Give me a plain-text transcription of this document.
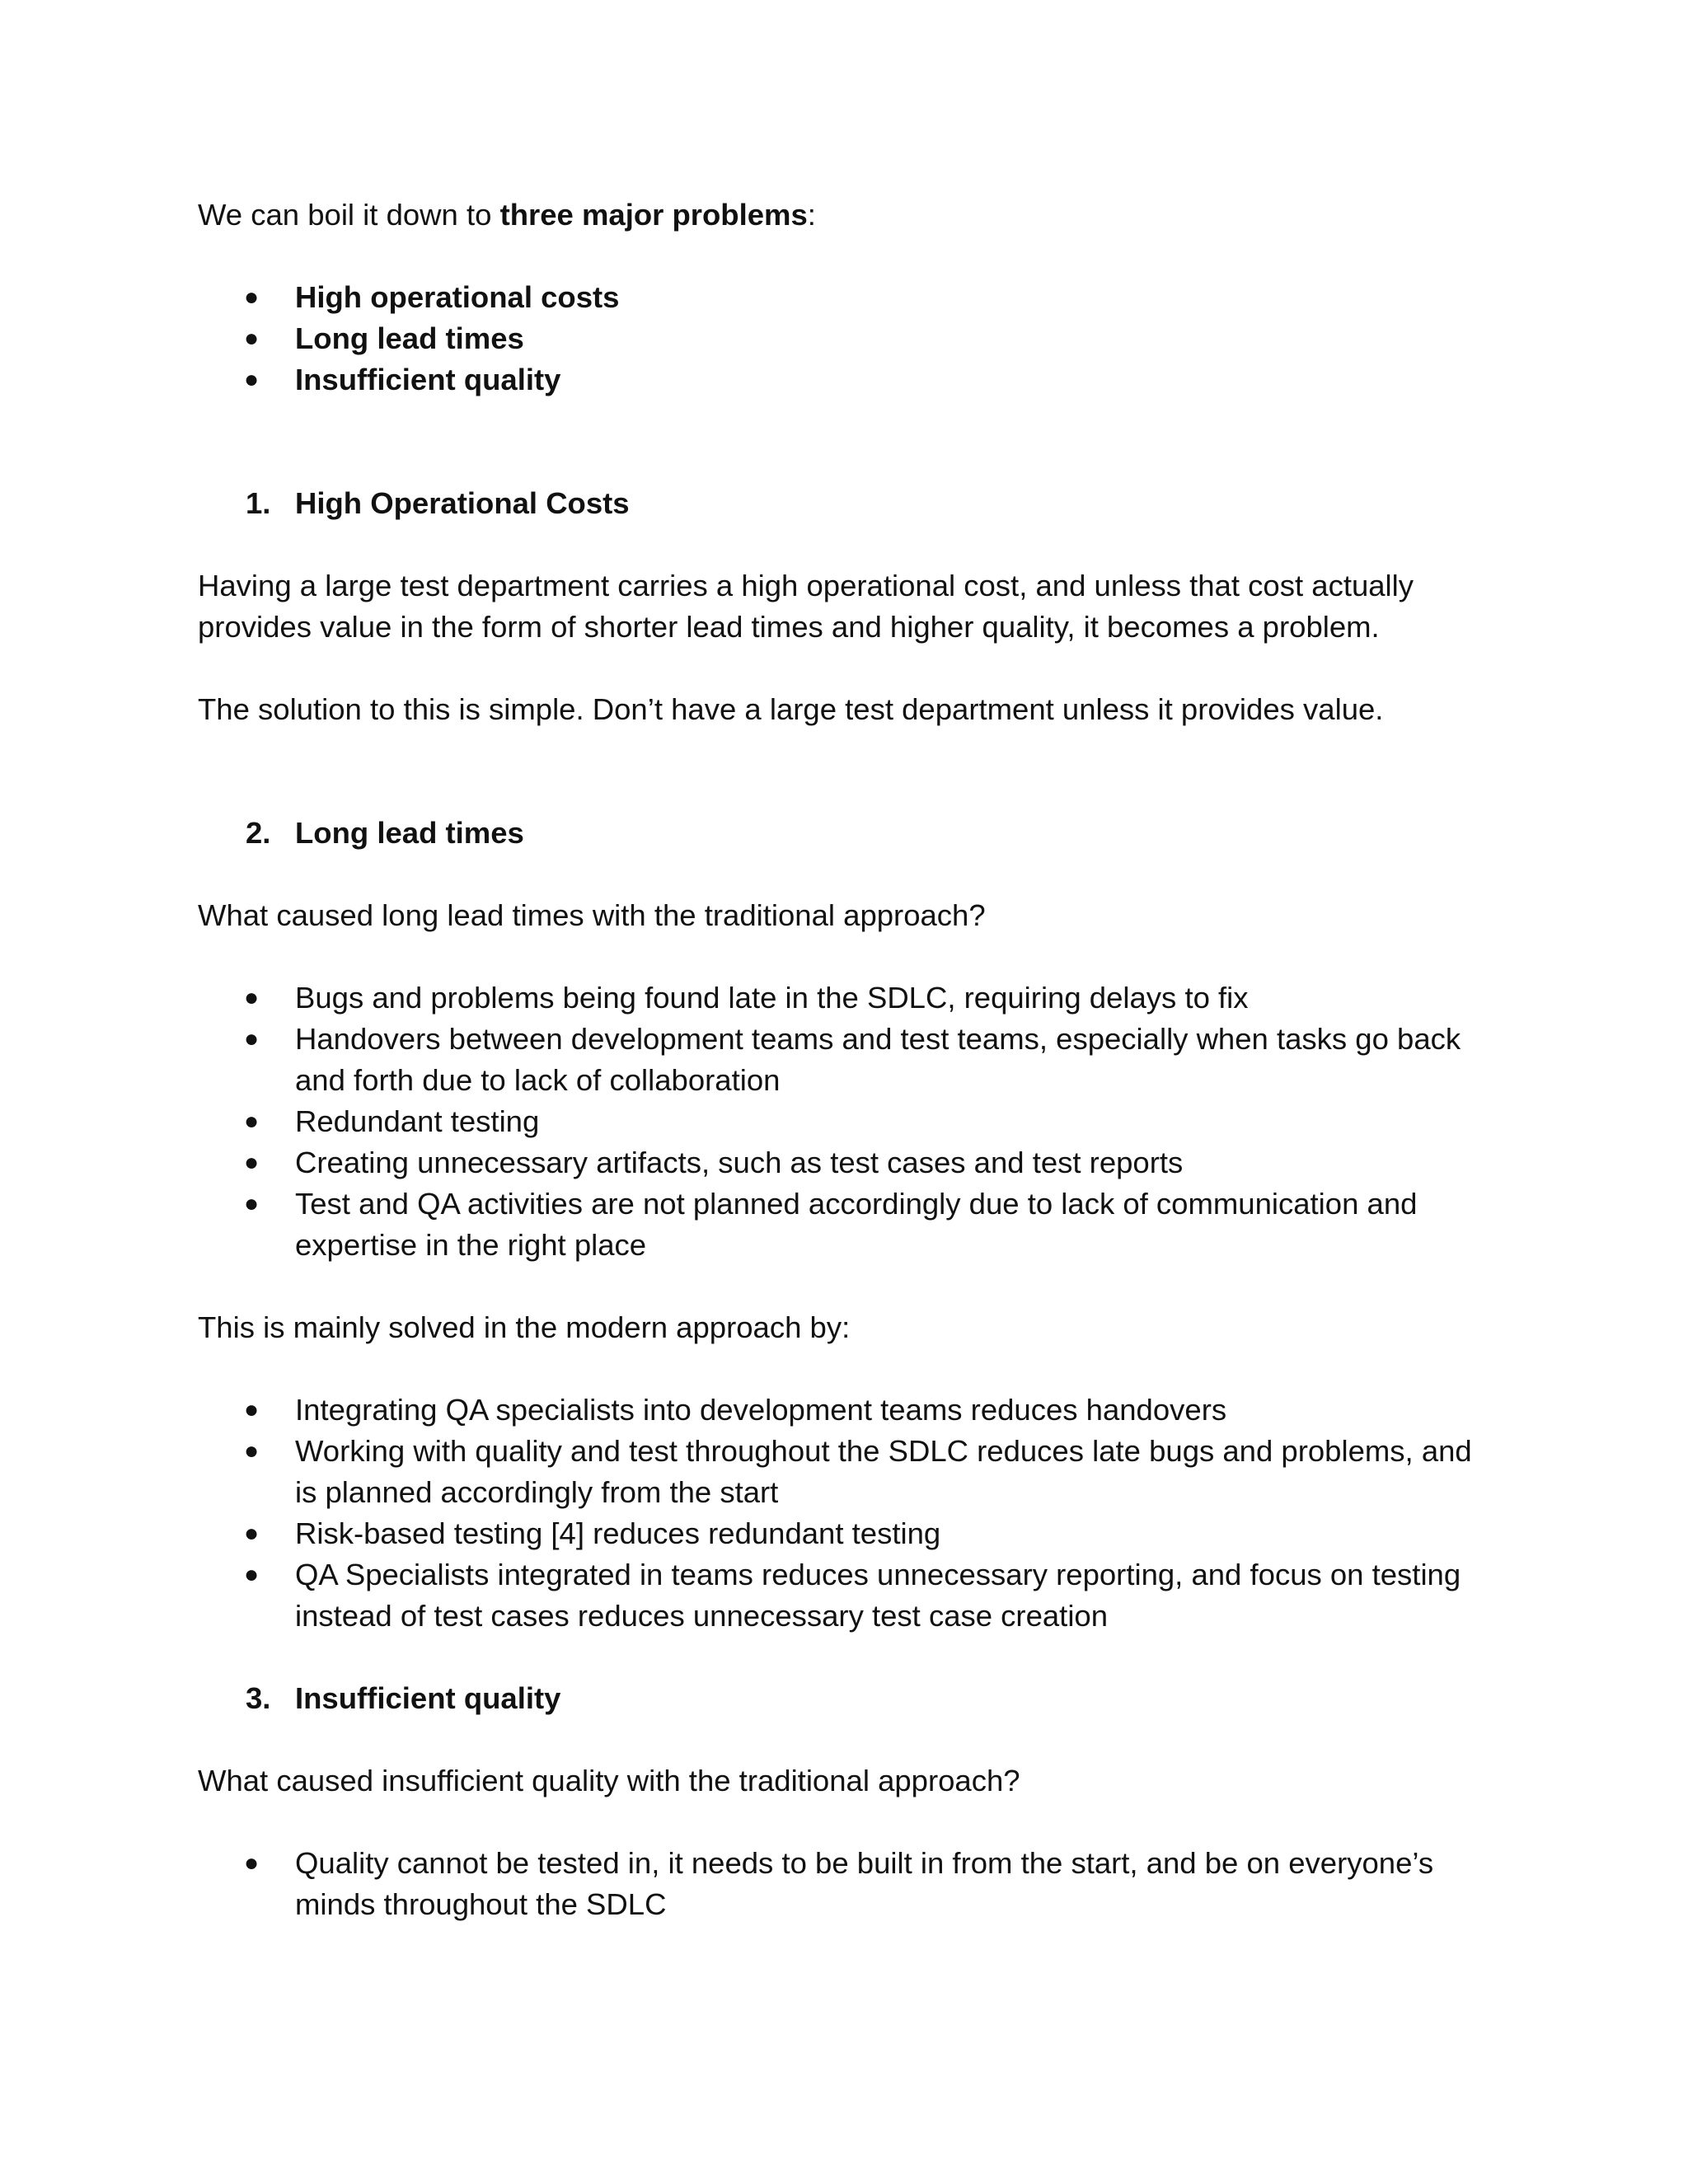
We can boil it down to three major problems:

● High operational costs

● Long lead times

● Insufficient quality

1. High Operational Costs

Having a large test department carries a high operational cost, and unless that cost actually

provides value in the form of shorter lead times and higher quality, it becomes a problem.

The solution to this is simple. Don’t have a large test department unless it provides value.

2. Long lead times

What caused long lead times with the traditional approach?

● Bugs and problems being found late in the SDLC, requiring delays to fix

● Handovers between development teams and test teams, especially when tasks go back

and forth due to lack of collaboration

● Redundant testing

● Creating unnecessary artifacts, such as test cases and test reports

● Test and QA activities are not planned accordingly due to lack of communication and

expertise in the right place

This is mainly solved in the modern approach by:

● Integrating QA specialists into development teams reduces handovers

● Working with quality and test throughout the SDLC reduces late bugs and problems, and

is planned accordingly from the start

● Risk-based testing [4] reduces redundant testing

● QA Specialists integrated in teams reduces unnecessary reporting, and focus on testing

instead of test cases reduces unnecessary test case creation

3. Insufficient quality

What caused insufficient quality with the traditional approach?

● Quality cannot be tested in, it needs to be built in from the start, and be on everyone’s

minds throughout the SDLC
